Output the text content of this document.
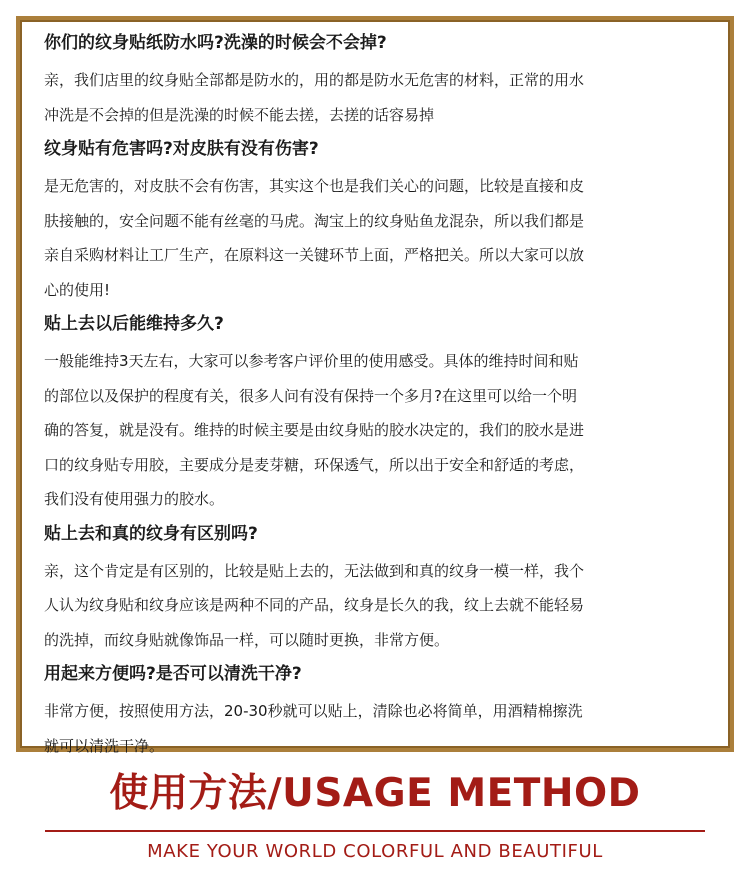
你们的纹身贴纸防水吗?洗澡的时候会不会掉?
亲，我们店里的纹身贴全部都是防水的，用的都是防水无危害的材料，正常的用水
冲洗是不会掉的但是洗澡的时候不能去搓，去搓的话容易掉
纹身贴有危害吗?对皮肤有没有伤害?
是无危害的，对皮肤不会有伤害，其实这个也是我们关心的问题，比较是直接和皮
肤接触的，安全问题不能有丝毫的马虎。淘宝上的纹身贴鱼龙混杂，所以我们都是
亲自采购材料让工厂生产，在原料这一关键环节上面，严格把关。所以大家可以放
心的使用!
贴上去以后能维持多久?
一般能维持3天左右，大家可以参考客户评价里的使用感受。具体的维持时间和贴
的部位以及保护的程度有关，很多人问有没有保持一个多月?在这里可以给一个明
确的答复，就是没有。维持的时候主要是由纹身贴的胶水决定的，我们的胶水是进
口的纹身贴专用胶，主要成分是麦芽糖，环保透气，所以出于安全和舒适的考虑，
我们没有使用强力的胶水。
贴上去和真的纹身有区别吗?
亲，这个肯定是有区别的，比较是贴上去的，无法做到和真的纹身一模一样，我个
人认为纹身贴和纹身应该是两种不同的产品，纹身是长久的我，纹上去就不能轻易
的洗掉，而纹身贴就像饰品一样，可以随时更换，非常方便。
用起来方便吗?是否可以清洗干净?
非常方便，按照使用方法，20-30秒就可以贴上，清除也必将简单，用酒精棉擦洗
就可以清洗干净。
使用方法/USAGE METHOD
MAKE YOUR WORLD COLORFUL AND BEAUTIFUL
